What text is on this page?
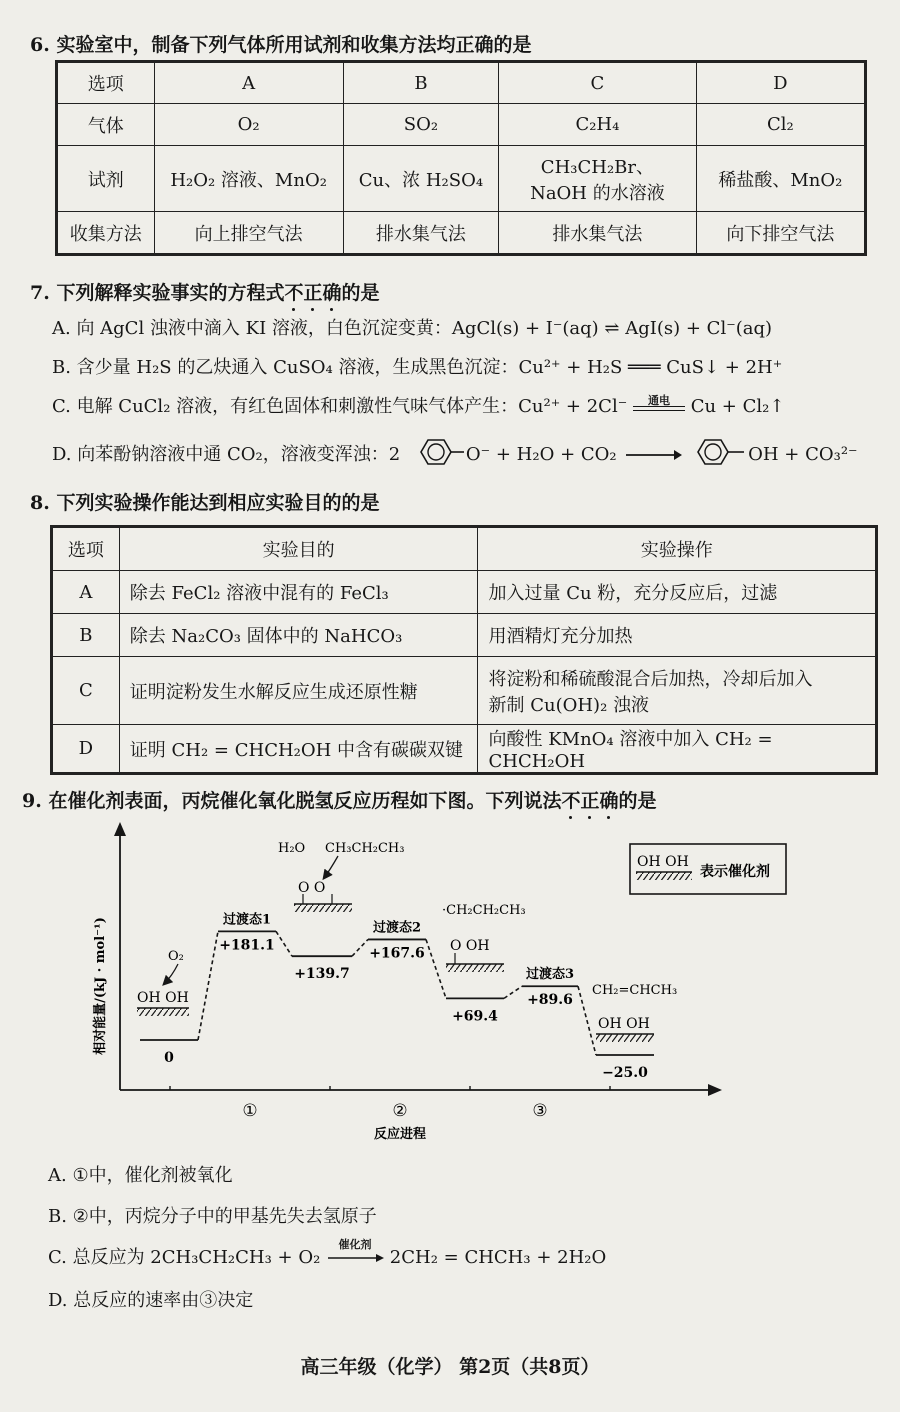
6. 实验室中，制备下列气体所用试剂和收集方法均正确的是
选项	A	B	C	D
气体	O₂	SO₂	C₂H₄	Cl₂
试剂	H₂O₂ 溶液、MnO₂	Cu、浓 H₂SO₄	CH₃CH₂Br、
NaOH 的水溶液	稀盐酸、MnO₂
收集方法	向上排空气法	排水集气法	排水集气法	向下排空气法
7. 下列解释实验事实的方程式不正确的是
A. 向 AgCl 浊液中滴入 KI 溶液，白色沉淀变黄：AgCl(s) + I⁻(aq) ⇌ AgI(s) + Cl⁻(aq)
B. 含少量 H₂S 的乙炔通入 CuSO₄ 溶液，生成黑色沉淀：Cu²⁺ + H₂S ═══ CuS↓ + 2H⁺
C. 电解 CuCl₂ 溶液，有红色固体和刺激性气味气体产生：Cu²⁺ + 2Cl⁻	通电	Cu + Cl₂↑
D. 向苯酚钠溶液中通 CO₂，溶液变浑浊：2	O⁻ + H₂O + CO₂ →	OH + CO₃²⁻
8. 下列实验操作能达到相应实验目的的是
选项	实验目的	实验操作
A	除去 FeCl₂ 溶液中混有的 FeCl₃	加入过量 Cu 粉，充分反应后，过滤
B	除去 Na₂CO₃ 固体中的 NaHCO₃	用酒精灯充分加热
C	证明淀粉发生水解反应生成还原性糖	将淀粉和稀硫酸混合后加热，冷却后加入
新制 Cu(OH)₂ 浊液

D	证明 CH₂ = CHCH₂OH 中含有碳碳双键	向酸性 KMnO₄ 溶液中加入 CH₂ = CHCH₂OH
9. 在催化剂表面，丙烷催化氧化脱氢反应历程如下图。下列说法不正确的是
相对能量/(kJ · mol⁻¹)
反应进程
①	②	③
0
+181.1
过渡态1
+139.7
+167.6
过渡态2
+69.4
+89.6
过渡态3
−25.0
O₂
OH OH
H₂O CH₃CH₂CH₃
O O
·CH₂CH₂CH₃
O OH
CH₂=CHCH₃
OH OH
OH OH
表示催化剂
A. ①中，催化剂被氧化
B. ②中，丙烷分子中的甲基先失去氢原子
C. 总反应为 2CH₃CH₂CH₃ + O₂
催化剂
2CH₂ = CHCH₃ + 2H₂O
D. 总反应的速率由③决定
高三年级（化学） 第2页（共8页）
